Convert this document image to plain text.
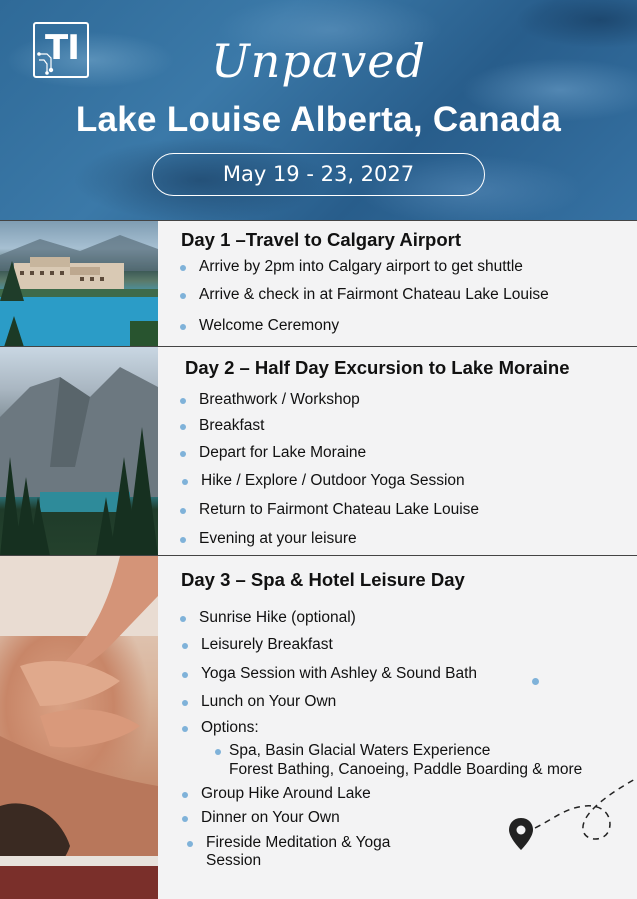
TI	Unpaved
Lake Louise Alberta, Canada
May 19 - 23, 2027
Day 1 –Travel to Calgary Airport
Arrive by 2pm into Calgary airport to get shuttle
Arrive & check in at Fairmont Chateau Lake Louise
Welcome Ceremony
Day 2 – Half Day Excursion to Lake Moraine
Breathwork / Workshop
Breakfast
Depart for Lake Moraine
Hike / Explore / Outdoor Yoga Session
Return to Fairmont Chateau Lake Louise
Evening at your leisure
Day 3 – Spa & Hotel Leisure Day
Sunrise Hike (optional)
Leisurely Breakfast
Yoga Session with Ashley & Sound Bath
Lunch on Your Own
Options:
Spa, Basin Glacial Waters Experience
Forest Bathing, Canoeing, Paddle Boarding & more
Group Hike Around Lake
Dinner on Your Own
Fireside Meditation & Yoga
Session
